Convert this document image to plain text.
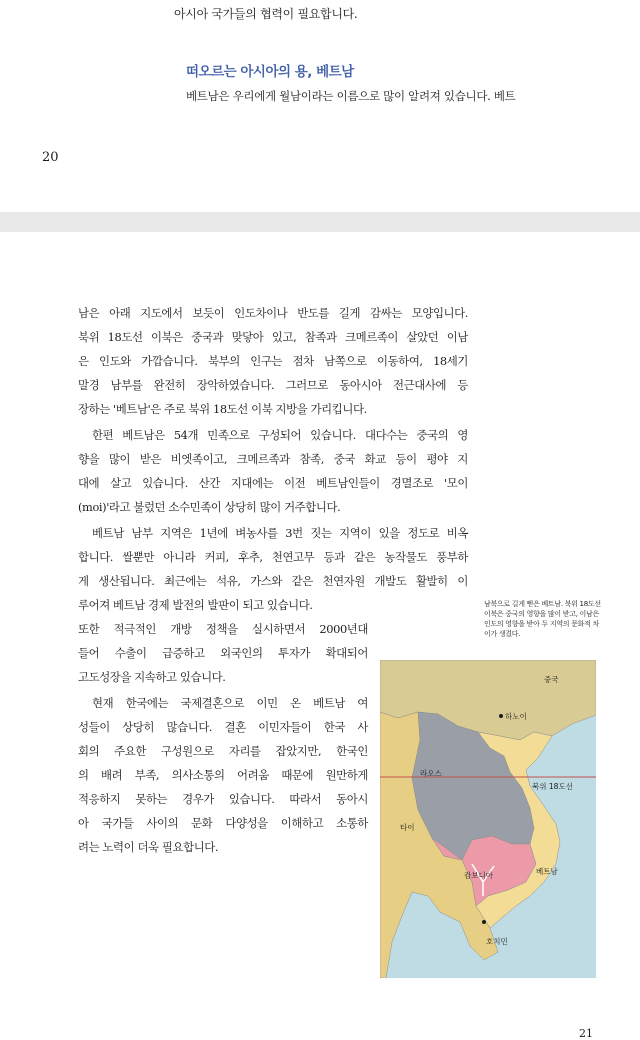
아시아 국가들의 협력이 필요합니다.
떠오르는 아시아의 용, 베트남
베트남은 우리에게 월남이라는 이름으로 많이 알려져 있습니다. 베트
20

남은 아래 지도에서 보듯이 인도차이나 반도를 길게 감싸는 모양입니다.

북위 18도선 이북은 중국과 맞닿아 있고, 참족과 크메르족이 살았던 이남

은 인도와 가깝습니다. 북부의 인구는 점차 남쪽으로 이동하여, 18세기

말경 남부를 완전히 장악하였습니다. 그러므로 동아시아 전근대사에 등

장하는 '베트남'은 주로 북위 18도선 이북 지방을 가리킵니다.

한편 베트남은 54개 민족으로 구성되어 있습니다. 대다수는 중국의 영

향을 많이 받은 비엣족이고, 크메르족과 참족, 중국 화교 등이 평야 지

대에 살고 있습니다. 산간 지대에는 이전 베트남인들이 경멸조로 '모이

(moi)'라고 불렀던 소수민족이 상당히 많이 거주합니다.

베트남 남부 지역은 1년에 벼농사를 3번 짓는 지역이 있을 정도로 비옥

합니다. 쌀뿐만 아니라 커피, 후추, 천연고무 등과 같은 농작물도 풍부하

게 생산됩니다. 최근에는 석유, 가스와 같은 천연자원 개발도 활발히 이

루어져 베트남 경제 발전의 발판이 되고 있습니다.

또한 적극적인 개방 정책을 실시하면서 2000년대

들어 수출이 급증하고 외국인의 투자가 확대되어

고도성장을 지속하고 있습니다.

현재 한국에는 국제결혼으로 이민 온 베트남 여

성들이 상당히 많습니다. 결혼 이민자들이 한국 사

회의 주요한 구성원으로 자리를 잡았지만, 한국인

의 배려 부족, 의사소통의 어려움 때문에 원만하게

적응하지 못하는 경우가 있습니다. 따라서 동아시

아 국가들 사이의 문화 다양성을 이해하고 소통하

려는 노력이 더욱 필요합니다.

남북으로 길게 뻗은 베트남. 북위 18도선 이북은 중국의 영향을 많이 받고, 이남은 인도의 영향을 받아 두 지역의 문화적 차이가 생겼다.

중국
하노이
라오스
북위 18도선
타이
캄보디아	베트남
호치민
21
